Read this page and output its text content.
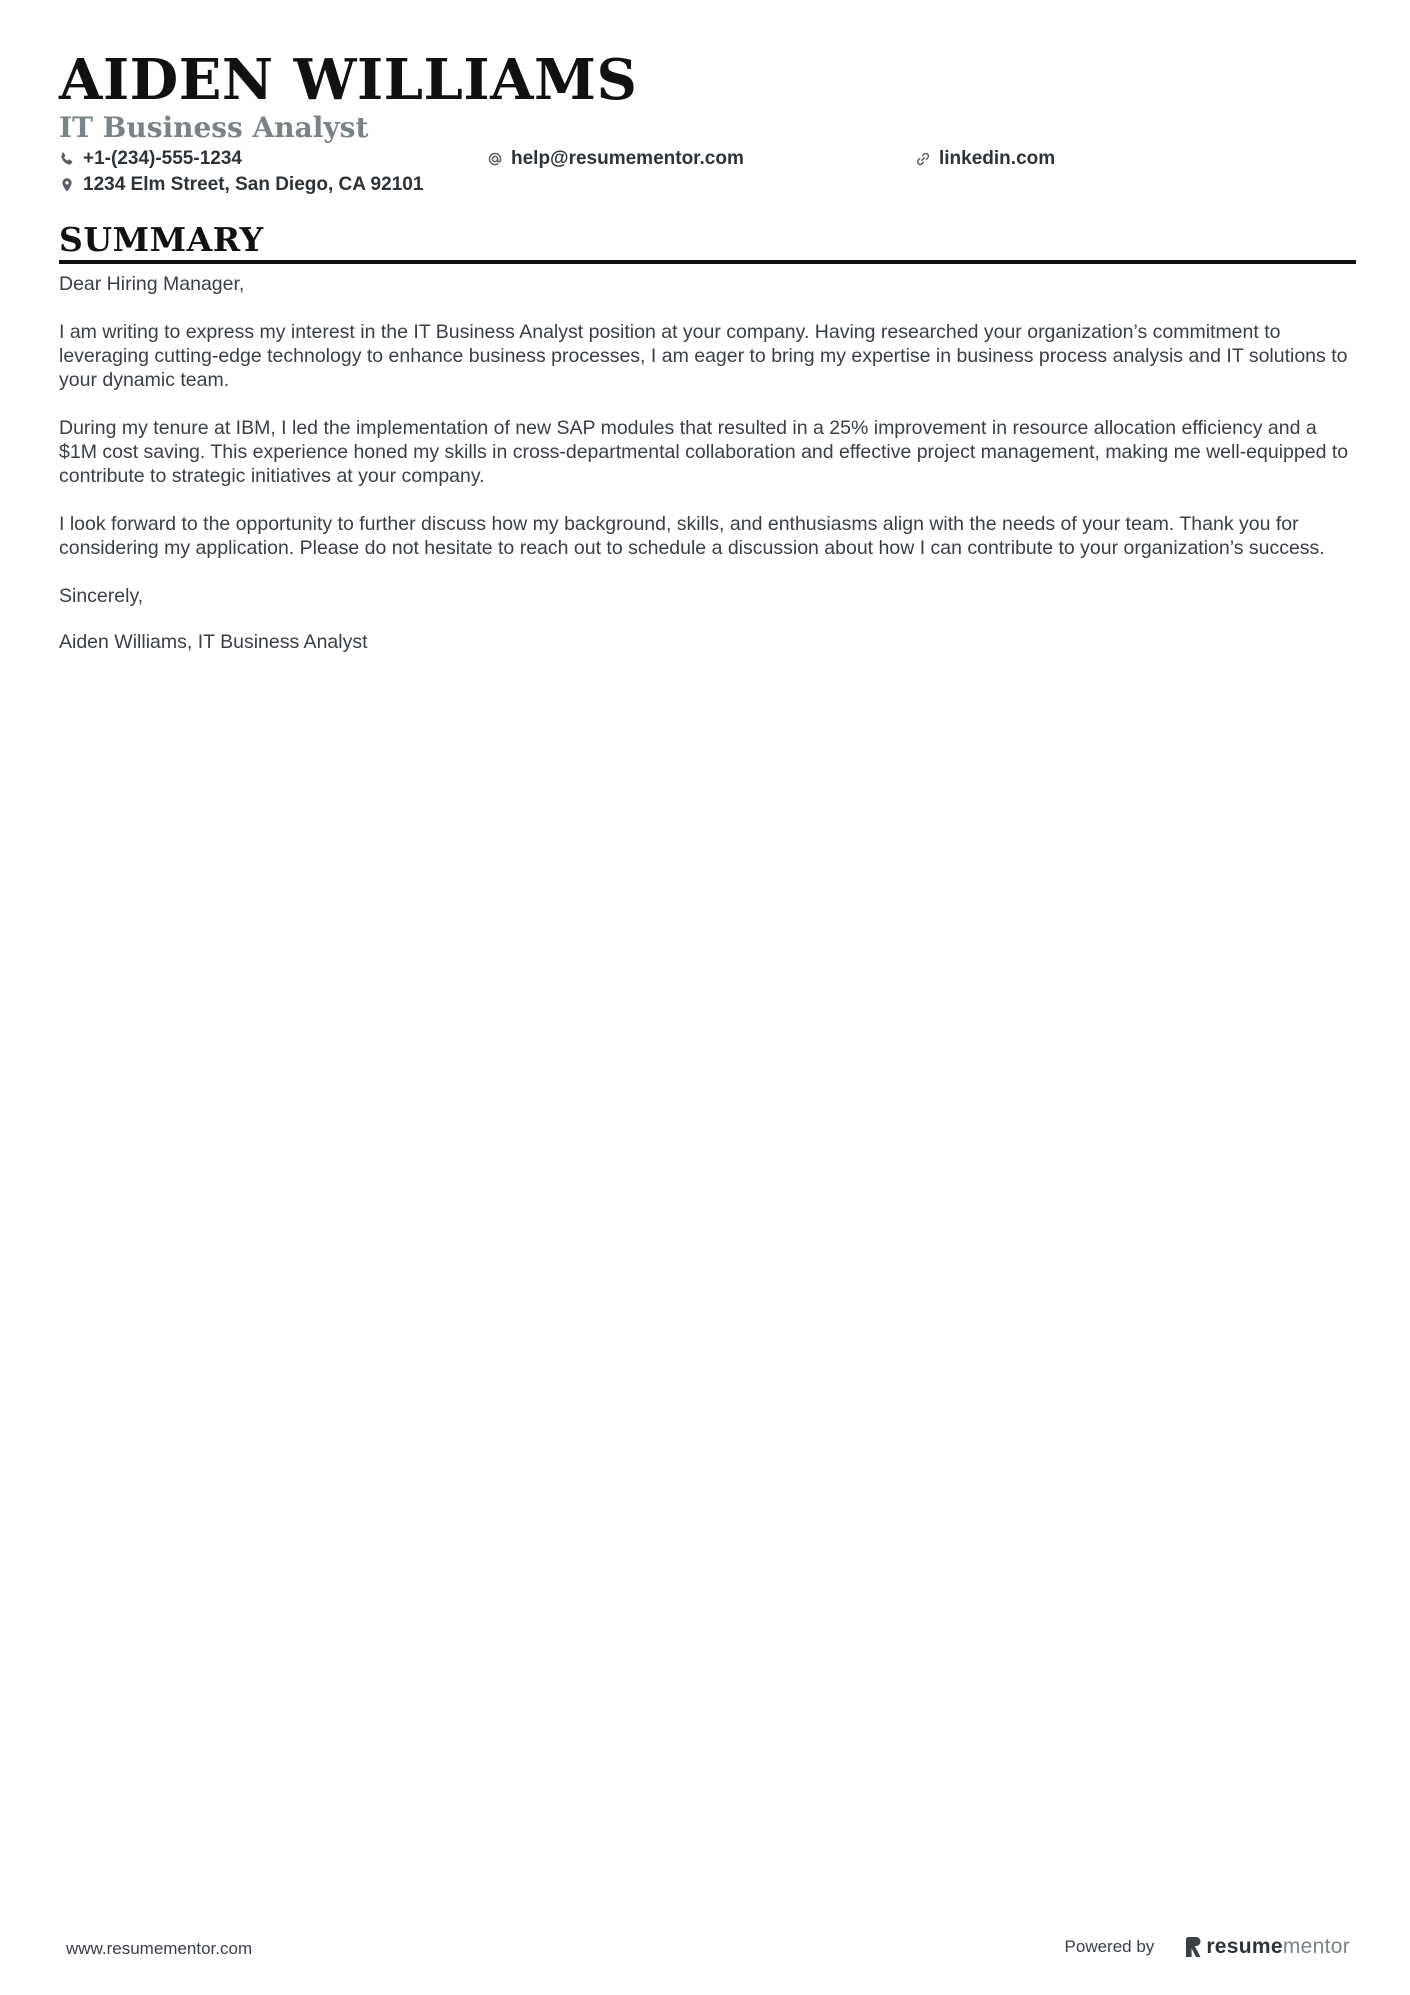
AIDEN WILLIAMS
IT Business Analyst
+1-(234)-555-1234	help@resumementor.com	linkedin.com
1234 Elm Street, San Diego, CA 92101
SUMMARY

Dear Hiring Manager,

I am writing to express my interest in the IT Business Analyst position at your company. Having researched your organization’s commitment to leveraging cutting-edge technology to enhance business processes, I am eager to bring my expertise in business process analysis and IT solutions to your dynamic team.

During my tenure at IBM, I led the implementation of new SAP modules that resulted in a 25% improvement in resource allocation efficiency and a $1M cost saving. This experience honed my skills in cross-departmental collaboration and effective project management, making me well-equipped to contribute to strategic initiatives at your company.

I look forward to the opportunity to further discuss how my background, skills, and enthusiasms align with the needs of your team. Thank you for considering my application. Please do not hesitate to reach out to schedule a discussion about how I can contribute to your organization’s success.

Sincerely,

Aiden Williams, IT Business Analyst

www.resumementor.com	Powered by resume mentor
